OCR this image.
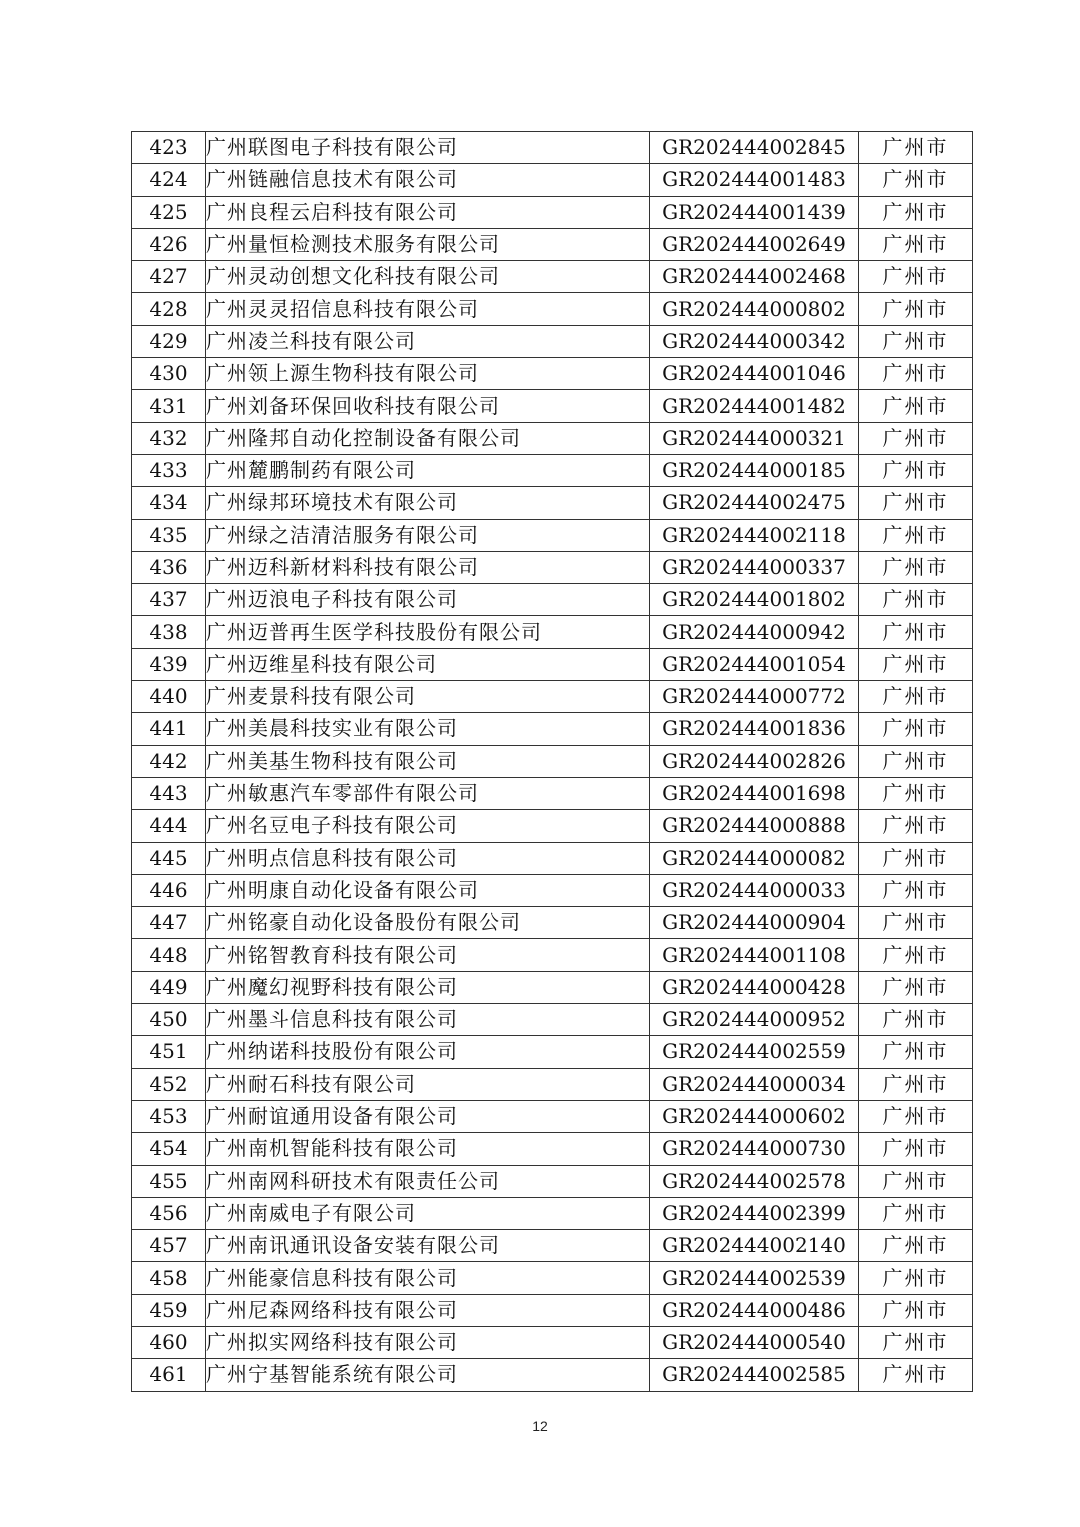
423	广州联图电子科技有限公司	GR202444002845	广州市
424	广州链融信息技术有限公司	GR202444001483	广州市
425	广州良程云启科技有限公司	GR202444001439	广州市
426	广州量恒检测技术服务有限公司	GR202444002649	广州市
427	广州灵动创想文化科技有限公司	GR202444002468	广州市
428	广州灵灵招信息科技有限公司	GR202444000802	广州市
429	广州凌兰科技有限公司	GR202444000342	广州市
430	广州领上源生物科技有限公司	GR202444001046	广州市
431	广州刘备环保回收科技有限公司	GR202444001482	广州市
432	广州隆邦自动化控制设备有限公司	GR202444000321	广州市
433	广州麓鹏制药有限公司	GR202444000185	广州市
434	广州绿邦环境技术有限公司	GR202444002475	广州市
435	广州绿之洁清洁服务有限公司	GR202444002118	广州市
436	广州迈科新材料科技有限公司	GR202444000337	广州市
437	广州迈浪电子科技有限公司	GR202444001802	广州市
438	广州迈普再生医学科技股份有限公司	GR202444000942	广州市
439	广州迈维星科技有限公司	GR202444001054	广州市
440	广州麦景科技有限公司	GR202444000772	广州市
441	广州美晨科技实业有限公司	GR202444001836	广州市
442	广州美基生物科技有限公司	GR202444002826	广州市
443	广州敏惠汽车零部件有限公司	GR202444001698	广州市
444	广州名豆电子科技有限公司	GR202444000888	广州市
445	广州明点信息科技有限公司	GR202444000082	广州市
446	广州明康自动化设备有限公司	GR202444000033	广州市
447	广州铭豪自动化设备股份有限公司	GR202444000904	广州市
448	广州铭智教育科技有限公司	GR202444001108	广州市
449	广州魔幻视野科技有限公司	GR202444000428	广州市
450	广州墨斗信息科技有限公司	GR202444000952	广州市
451	广州纳诺科技股份有限公司	GR202444002559	广州市
452	广州耐石科技有限公司	GR202444000034	广州市
453	广州耐谊通用设备有限公司	GR202444000602	广州市
454	广州南机智能科技有限公司	GR202444000730	广州市
455	广州南网科研技术有限责任公司	GR202444002578	广州市
456	广州南威电子有限公司	GR202444002399	广州市
457	广州南讯通讯设备安装有限公司	GR202444002140	广州市
458	广州能豪信息科技有限公司	GR202444002539	广州市
459	广州尼森网络科技有限公司	GR202444000486	广州市
460	广州拟实网络科技有限公司	GR202444000540	广州市
461	广州宁基智能系统有限公司	GR202444002585	广州市
12
